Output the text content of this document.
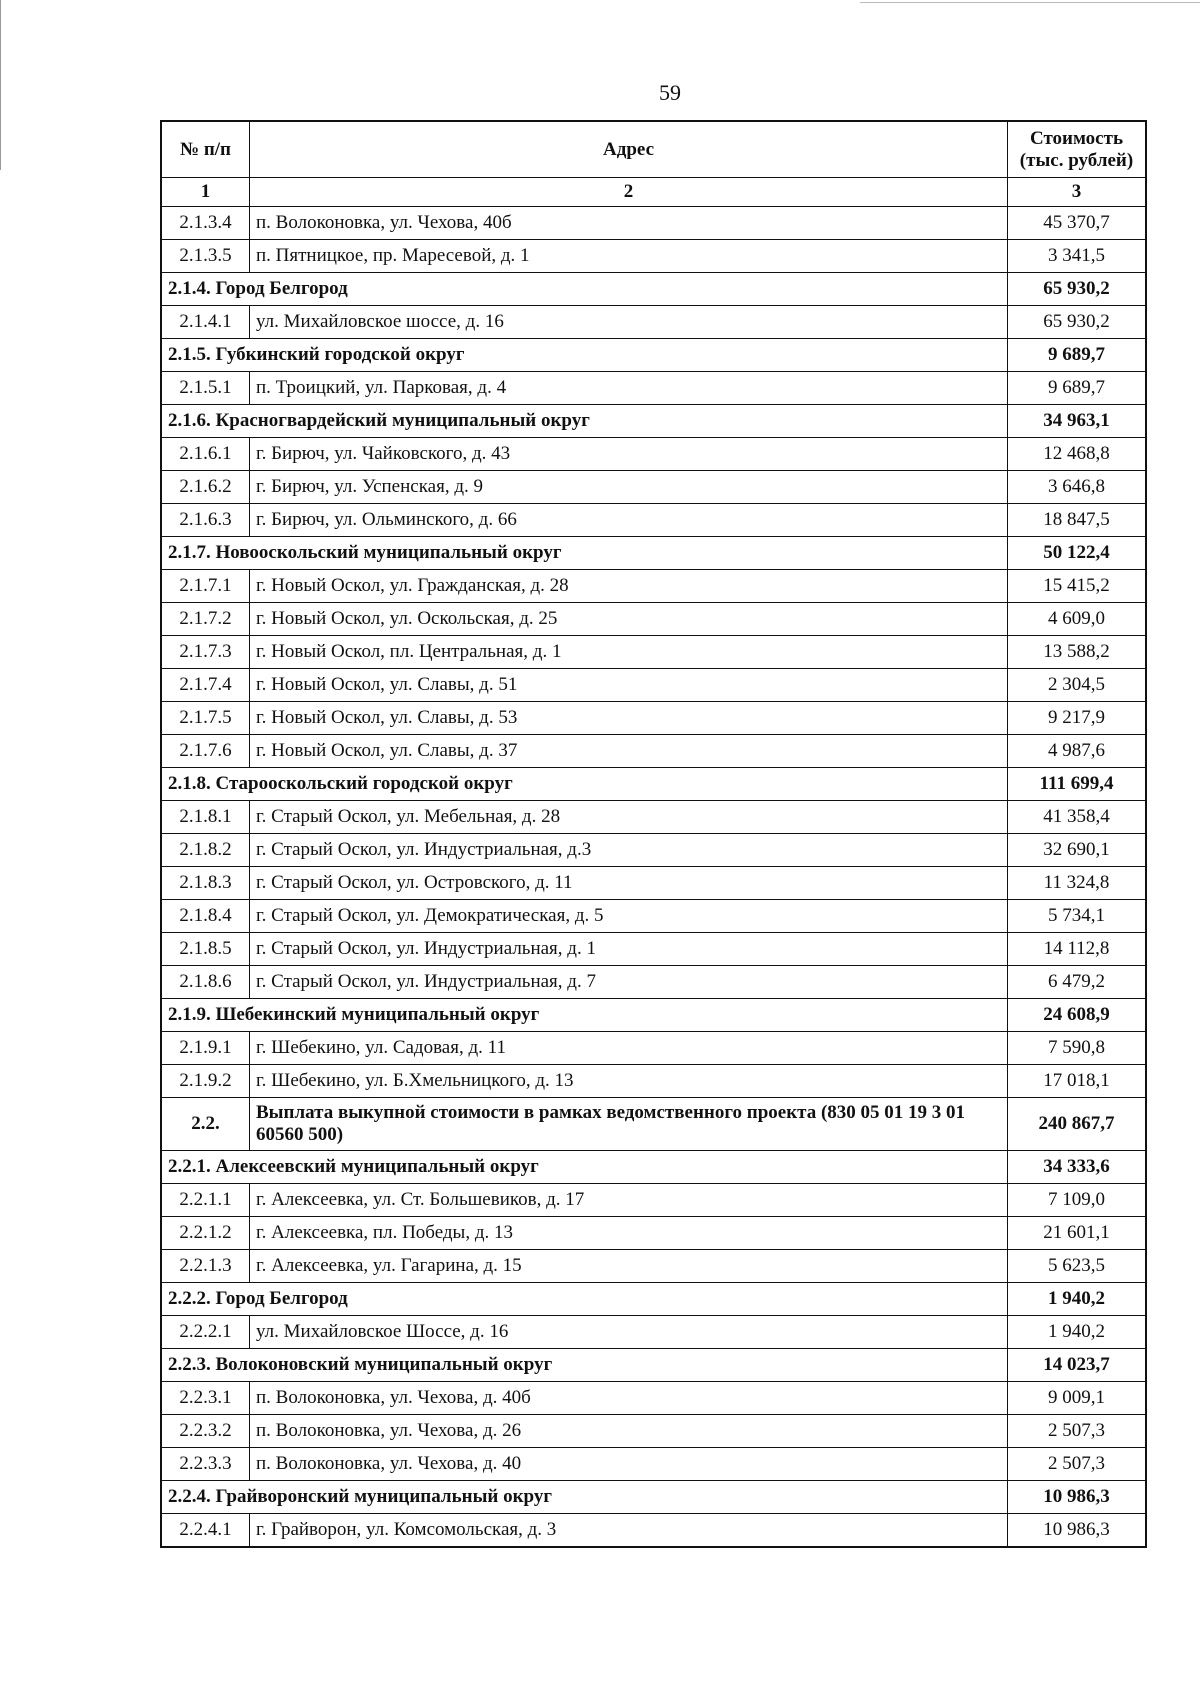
59
№ п/п	Адрес	Стоимость
(тыс. рублей)
1	2	3
2.1.3.4	п. Волоконовка, ул. Чехова, 40б	45 370,7
2.1.3.5	п. Пятницкое, пр. Маресевой, д. 1	3 341,5
2.1.4. Город Белгород		65 930,2
2.1.4.1	ул. Михайловское шоссе, д. 16	65 930,2
2.1.5. Губкинский городской округ		9 689,7
2.1.5.1	п. Троицкий, ул. Парковая, д. 4	9 689,7
2.1.6. Красногвардейский муниципальный округ		34 963,1
2.1.6.1	г. Бирюч, ул. Чайковского, д. 43	12 468,8
2.1.6.2	г. Бирюч, ул. Успенская, д. 9	3 646,8
2.1.6.3	г. Бирюч, ул. Ольминского, д. 66	18 847,5
2.1.7. Новооскольский муниципальный округ		50 122,4
2.1.7.1	г. Новый Оскол, ул. Гражданская, д. 28	15 415,2
2.1.7.2	г. Новый Оскол, ул. Оскольская, д. 25	4 609,0
2.1.7.3	г. Новый Оскол, пл. Центральная, д. 1	13 588,2
2.1.7.4	г. Новый Оскол, ул. Славы, д. 51	2 304,5
2.1.7.5	г. Новый Оскол, ул. Славы, д. 53	9 217,9
2.1.7.6	г. Новый Оскол, ул. Славы, д. 37	4 987,6
2.1.8. Старооскольский городской округ		111 699,4
2.1.8.1	г. Старый Оскол, ул. Мебельная, д. 28	41 358,4
2.1.8.2	г. Старый Оскол, ул. Индустриальная, д.3	32 690,1
2.1.8.3	г. Старый Оскол, ул. Островского, д. 11	11 324,8
2.1.8.4	г. Старый Оскол, ул. Демократическая, д. 5	5 734,1
2.1.8.5	г. Старый Оскол, ул. Индустриальная, д. 1	14 112,8
2.1.8.6	г. Старый Оскол, ул. Индустриальная, д. 7	6 479,2
2.1.9. Шебекинский муниципальный округ		24 608,9
2.1.9.1	г. Шебекино, ул. Садовая, д. 11	7 590,8
2.1.9.2	г. Шебекино, ул. Б.Хмельницкого, д. 13	17 018,1
2.2.	Выплата выкупной стоимости в рамках ведомственного проекта (830 05 01 19 3 01 60560 500)	240 867,7
2.2.1. Алексеевский муниципальный округ		34 333,6
2.2.1.1	г. Алексеевка, ул. Ст. Большевиков, д. 17	7 109,0
2.2.1.2	г. Алексеевка, пл. Победы, д. 13	21 601,1
2.2.1.3	г. Алексеевка, ул. Гагарина, д. 15	5 623,5
2.2.2. Город Белгород		1 940,2
2.2.2.1	ул. Михайловское Шоссе, д. 16	1 940,2
2.2.3. Волоконовский муниципальный округ		14 023,7
2.2.3.1	п. Волоконовка, ул. Чехова, д. 40б	9 009,1
2.2.3.2	п. Волоконовка, ул. Чехова, д. 26	2 507,3
2.2.3.3	п. Волоконовка, ул. Чехова, д. 40	2 507,3
2.2.4. Грайворонский муниципальный округ		10 986,3
2.2.4.1	г. Грайворон, ул. Комсомольская, д. 3	10 986,3
